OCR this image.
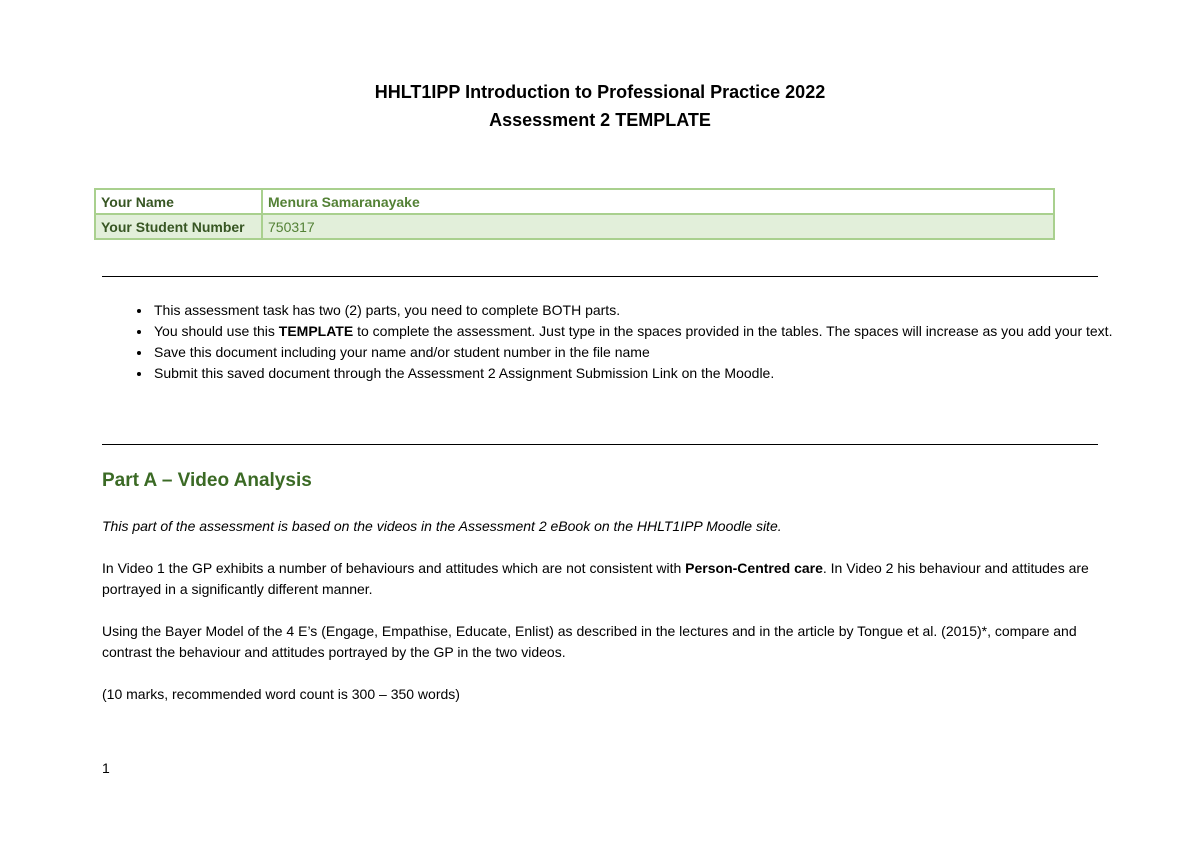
HHLT1IPP Introduction to Professional Practice 2022
Assessment 2 TEMPLATE
Your Name	Menura Samaranayake
Your Student Number	750317
• This assessment task has two (2) parts, you need to complete BOTH parts.
• You should use this TEMPLATE to complete the assessment. Just type in the spaces provided in the tables. The spaces will increase as you add your text.
• Save this document including your name and/or student number in the file name
• Submit this saved document through the Assessment 2 Assignment Submission Link on the Moodle.
Part A – Video Analysis
This part of the assessment is based on the videos in the Assessment 2 eBook on the HHLT1IPP Moodle site.
In Video 1 the GP exhibits a number of behaviours and attitudes which are not consistent with Person-Centred care. In Video 2 his behaviour and attitudes are portrayed in a significantly different manner.
Using the Bayer Model of the 4 E’s (Engage, Empathise, Educate, Enlist) as described in the lectures and in the article by Tongue et al. (2015)*, compare and contrast the behaviour and attitudes portrayed by the GP in the two videos.
(10 marks, recommended word count is 300 – 350 words)
1
